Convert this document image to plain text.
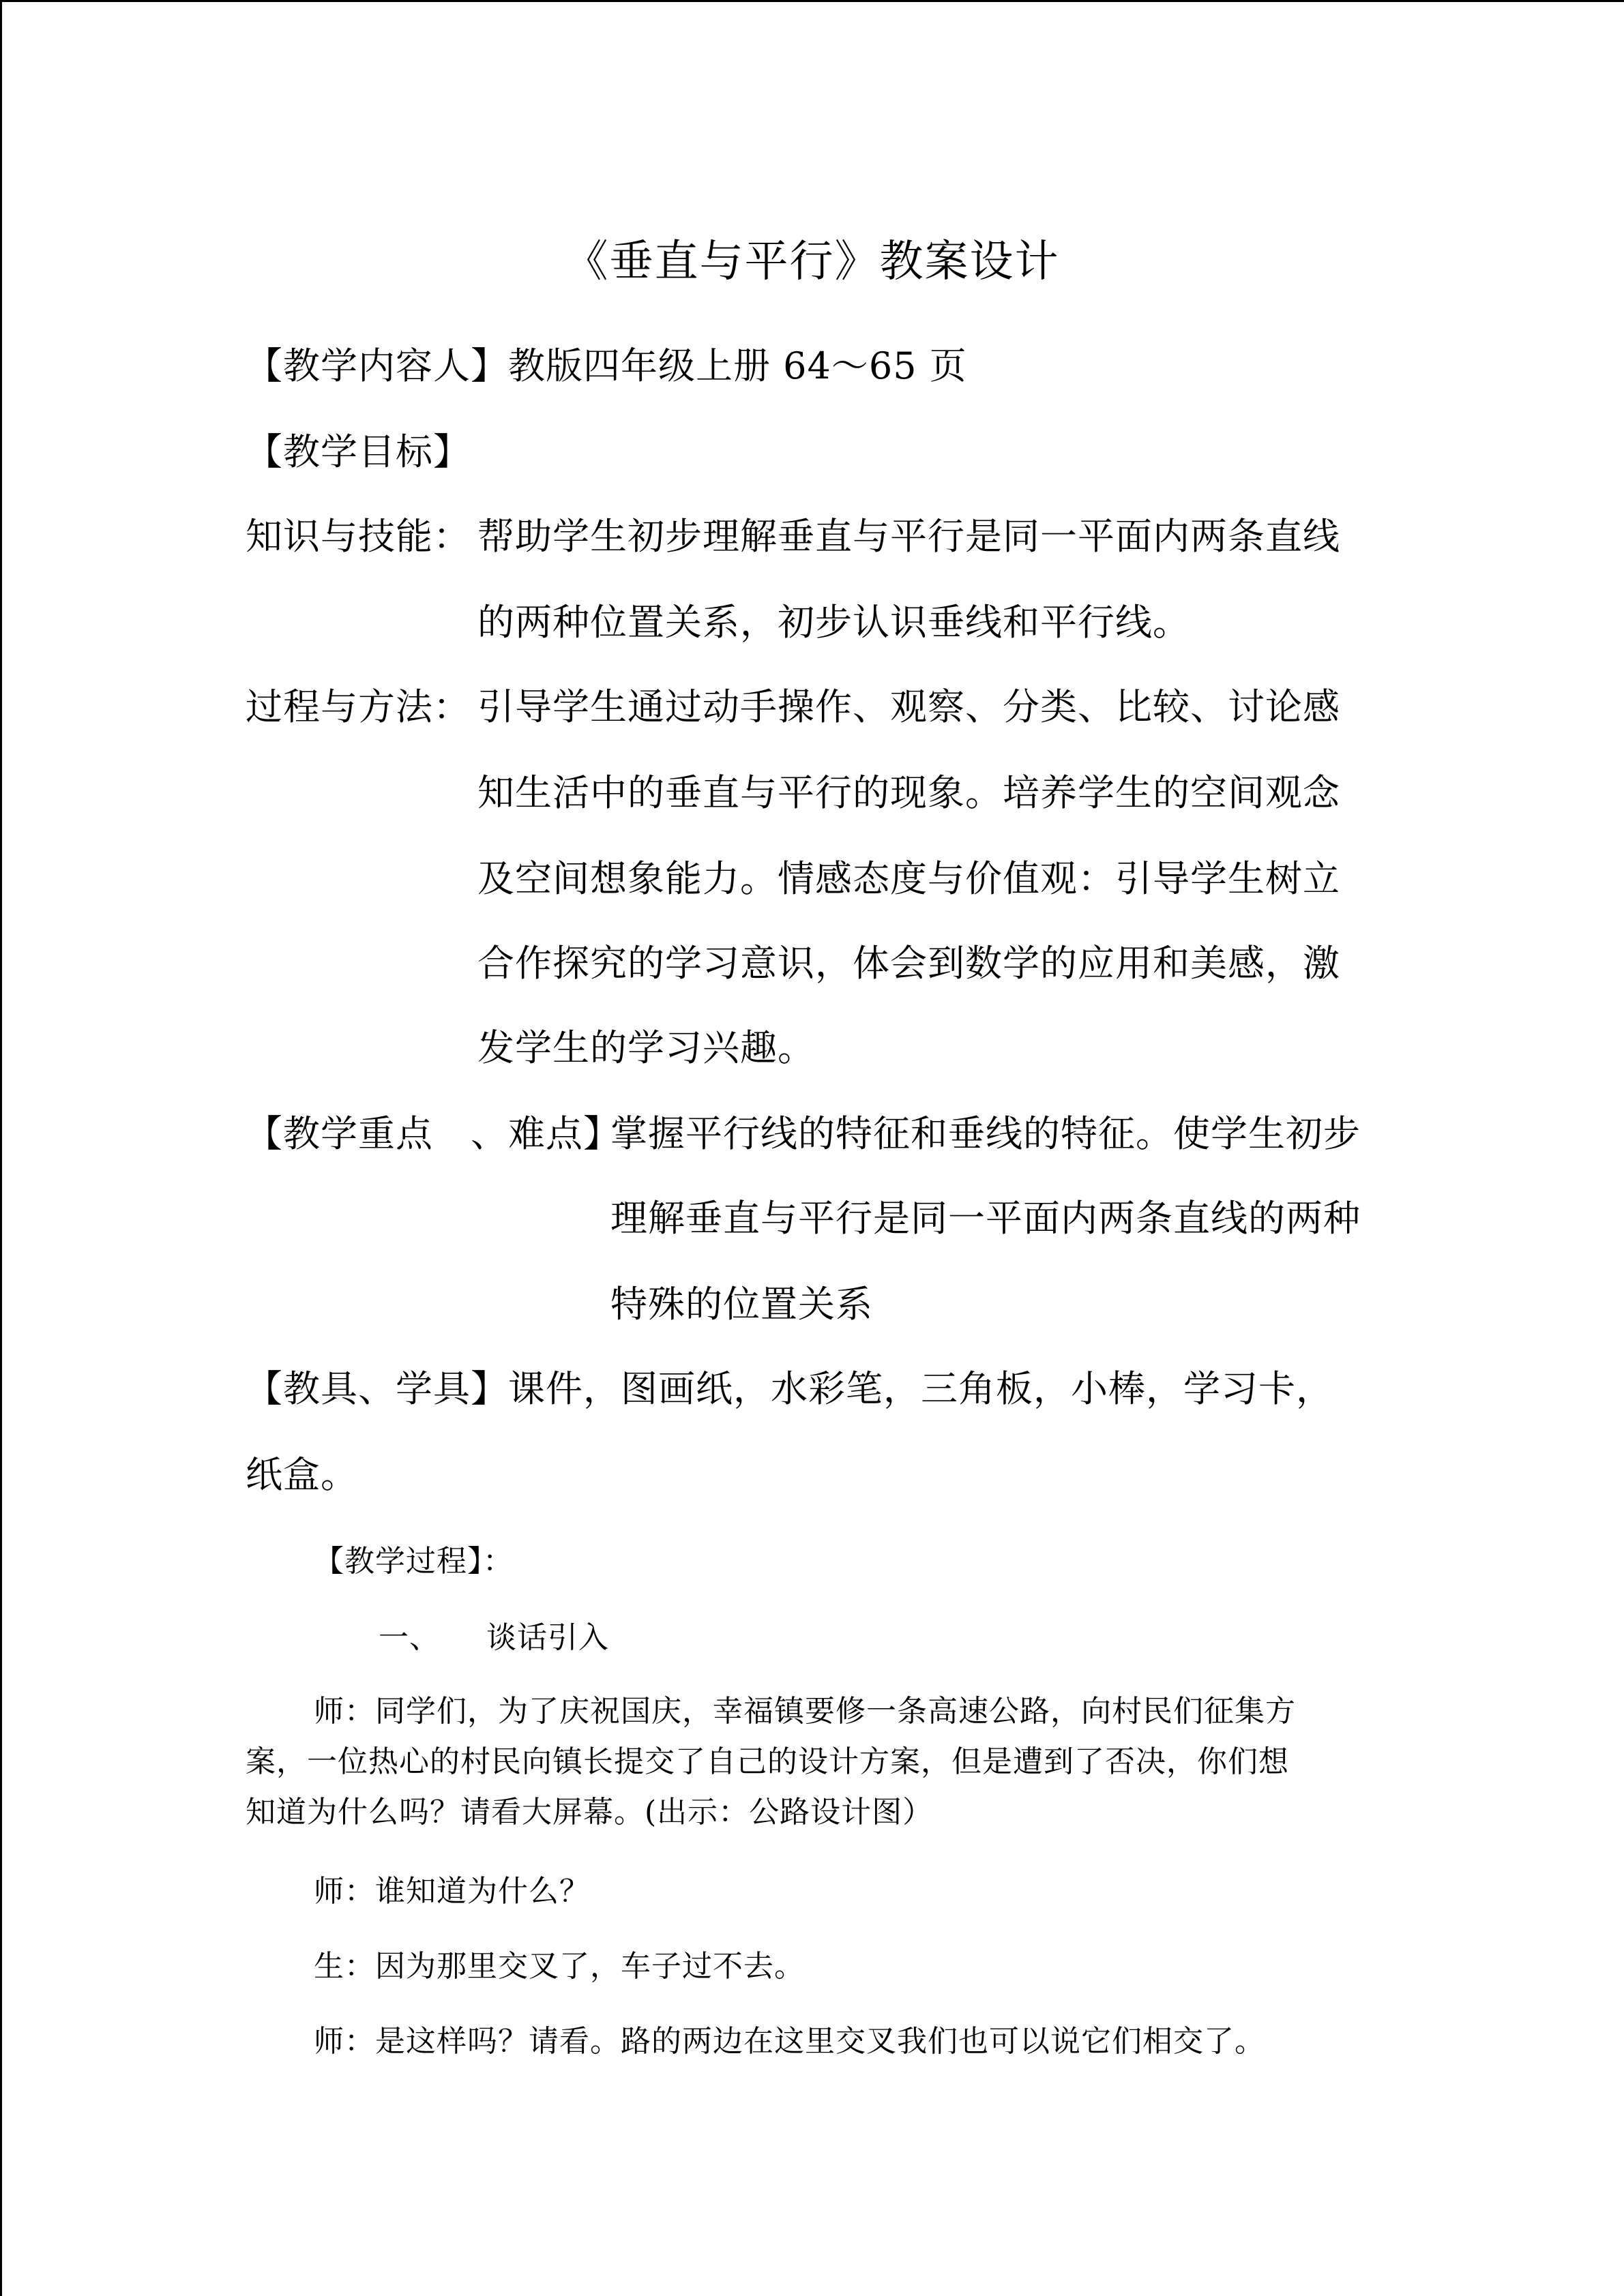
《垂直与平行》教案设计
【教学内容人】教版四年级上册 64～65 页
【教学目标】
知识与技能： 帮助学生初步理解垂直与平行是同一平面内两条直线
的两种位置关系，初步认识垂线和平行线。
过程与方法： 引导学生通过动手操作、观察、分类、比较、讨论感
知生活中的垂直与平行的现象。培养学生的空间观念
及空间想象能力。情感态度与价值观：引导学生树立
合作探究的学习意识，体会到数学的应用和美感，激
发学生的学习兴趣。
【教学重点　、难点】
掌握平行线的特征和垂线的特征。使学生初步
理解垂直与平行是同一平面内两条直线的两种
特殊的位置关系
【教具、学具】课件，图画纸，水彩笔，三角板，小棒，学习卡，
纸盒。
【教学过程】：
一、　　谈话引入
师：同学们，为了庆祝国庆，幸福镇要修一条高速公路，向村民们征集方
案，一位热心的村民向镇长提交了自己的设计方案，但是遭到了否决，你们想
知道为什么吗？请看大屏幕。(出示：公路设计图）
师：谁知道为什么？
生：因为那里交叉了，车子过不去。
师：是这样吗？请看。路的两边在这里交叉我们也可以说它们相交了。
